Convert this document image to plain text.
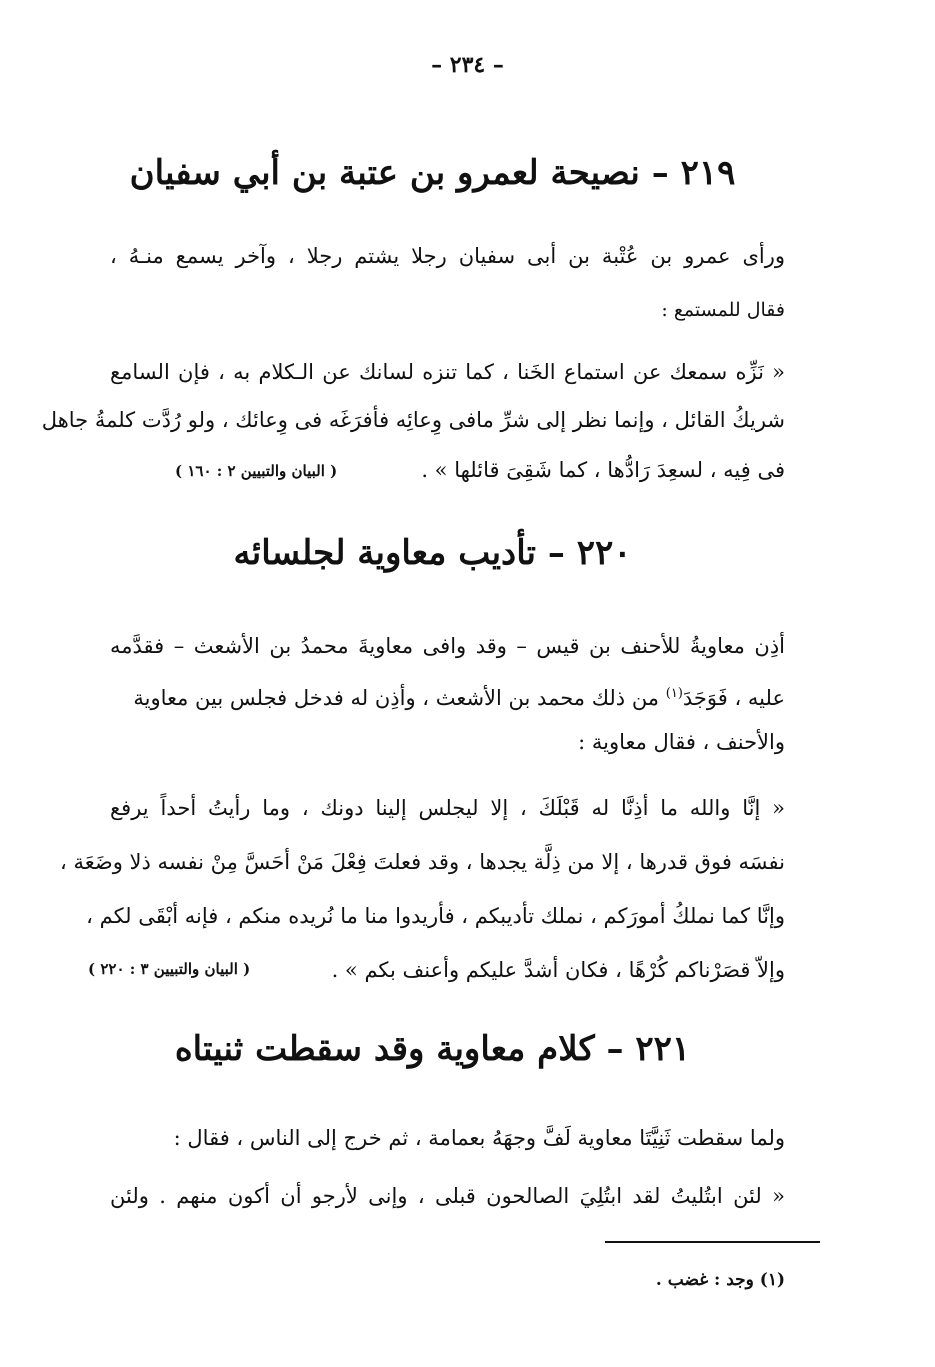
– ٢٣٤ –
٢١٩ – نصيحة لعمرو بن عتبة بن أبي سفيان
ورأى عمرو بن عُتْبة بن أبى سفيان رجلا يشتم رجلا ، وآخر يسمع منـهُ ،
فقال للمستمع :
« نَزِّه سمعك عن استماع الخَنا ، كما تنزه لسانك عن الـكلام به ، فإن السامع
شريكُ القائل ، وإنما نظر إلى شرِّ مافى وِعائِه فأفرَغَه فى وِعائك ، ولو رُدَّت كلمةُ جاهل
فى فِيه ، لسعِدَ رَادُّها ، كما شَقِىَ قائلها » .
( البيان والتبيين ٢ : ١٦٠ )
٢٢٠ – تأديب معاوية لجلسائه
أذِن معاويةُ للأحنف بن قيس – وقد وافى معاويةَ محمدُ بن الأشعث – فقدَّمه
عليه ، فَوَجَدَ$^{(١)}$ من ذلك محمد بن الأشعث ، وأذِن له فدخل فجلس بين معاوية
والأحنف ، فقال معاوية :
« إنَّا والله ما أذِنَّا له قَبْلَكَ ، إلا ليجلس إلينا دونك ، وما رأيتُ أحداً يرفع
نفسَه فوق قدرها ، إلا من ذِلَّة يجدها ، وقد فعلتَ فِعْلَ مَنْ أحَسَّ مِنْ نفسه ذلا وضَعَة ،
وإنَّا كما نملكُ أمورَكم ، نملك تأديبكم ، فأريدوا منا ما نُريده منكم ، فإنه أبْقَى لكم ،
وإلاّ قصَرْناكم كُرْهًا ، فكان أشدَّ عليكم وأعنف بكم » .
( البيان والتبيين ٣ : ٢٢٠ )
٢٢١ – كلام معاوية وقد سقطت ثنيتاه
ولما سقطت ثَنِيَّتَا معاوية لَفَّ وجهَهُ بعمامة ، ثم خرج إلى الناس ، فقال :
« لئن ابتُليتُ لقد ابتُلِيَ الصالحون قبلى ، وإنى لأرجو أن أكون منهم . ولئن
(١) وجد : غضب .
